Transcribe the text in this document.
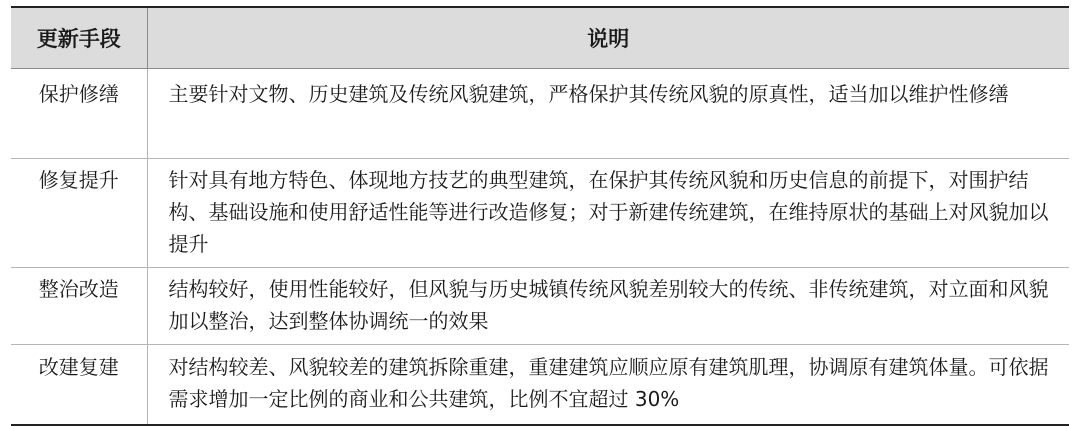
更新手段	说明
保护修缮	主要针对文物、历史建筑及传统风貌建筑，严格保护其传统风貌的原真性，适当加以维护性修缮
修复提升	针对具有地方特色、体现地方技艺的典型建筑，在保护其传统风貌和历史信息的前提下，对围护结构、基础设施和使用舒适性能等进行改造修复；对于新建传统建筑，在维持原状的基础上对风貌加以提升
整治改造	结构较好，使用性能较好，但风貌与历史城镇传统风貌差别较大的传统、非传统建筑，对立面和风貌加以整治，达到整体协调统一的效果
改建复建	对结构较差、风貌较差的建筑拆除重建，重建建筑应顺应原有建筑肌理，协调原有建筑体量。可依据需求增加一定比例的商业和公共建筑，比例不宜超过 30%
